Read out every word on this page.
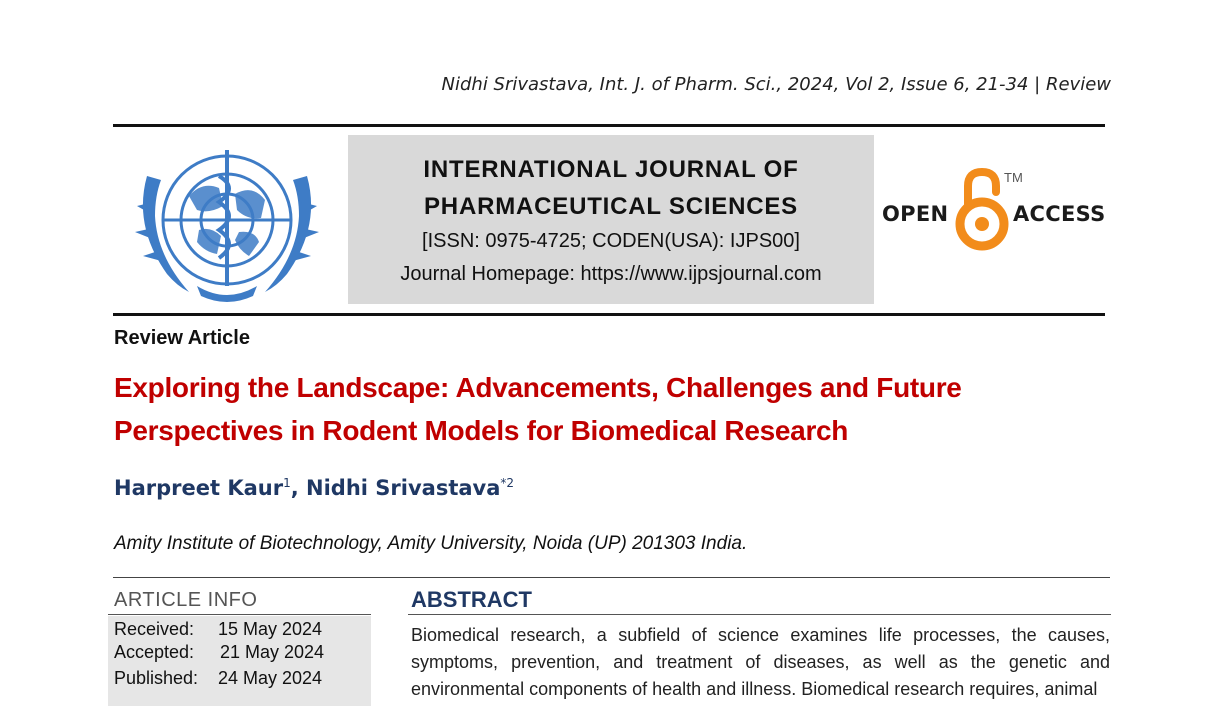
Nidhi Srivastava, Int. J. of Pharm. Sci., 2024, Vol 2, Issue 6, 21-34 | Review
INTERNATIONAL JOURNAL OF
PHARMACEUTICAL SCIENCES
[ISSN: 0975-4725; CODEN(USA): IJPS00]
Journal Homepage: https://www.ijpsjournal.com
OPEN
TM
ACCESS
Review Article
Exploring the Landscape: Advancements, Challenges and Future
Perspectives in Rodent Models for Biomedical Research
Harpreet Kaur$^1$, Nidhi Srivastava$^{*2}$
Amity Institute of Biotechnology, Amity University, Noida (UP) 201303 India.
ARTICLE INFO
Received: 15 May 2024
Accepted: 21 May 2024
Published: 24 May 2024
ABSTRACT
Biomedical research, a subfield of science examines life processes, the causes, symptoms, prevention, and treatment of diseases, as well as the genetic and environmental components of health and illness. Biomedical research requires, animal
